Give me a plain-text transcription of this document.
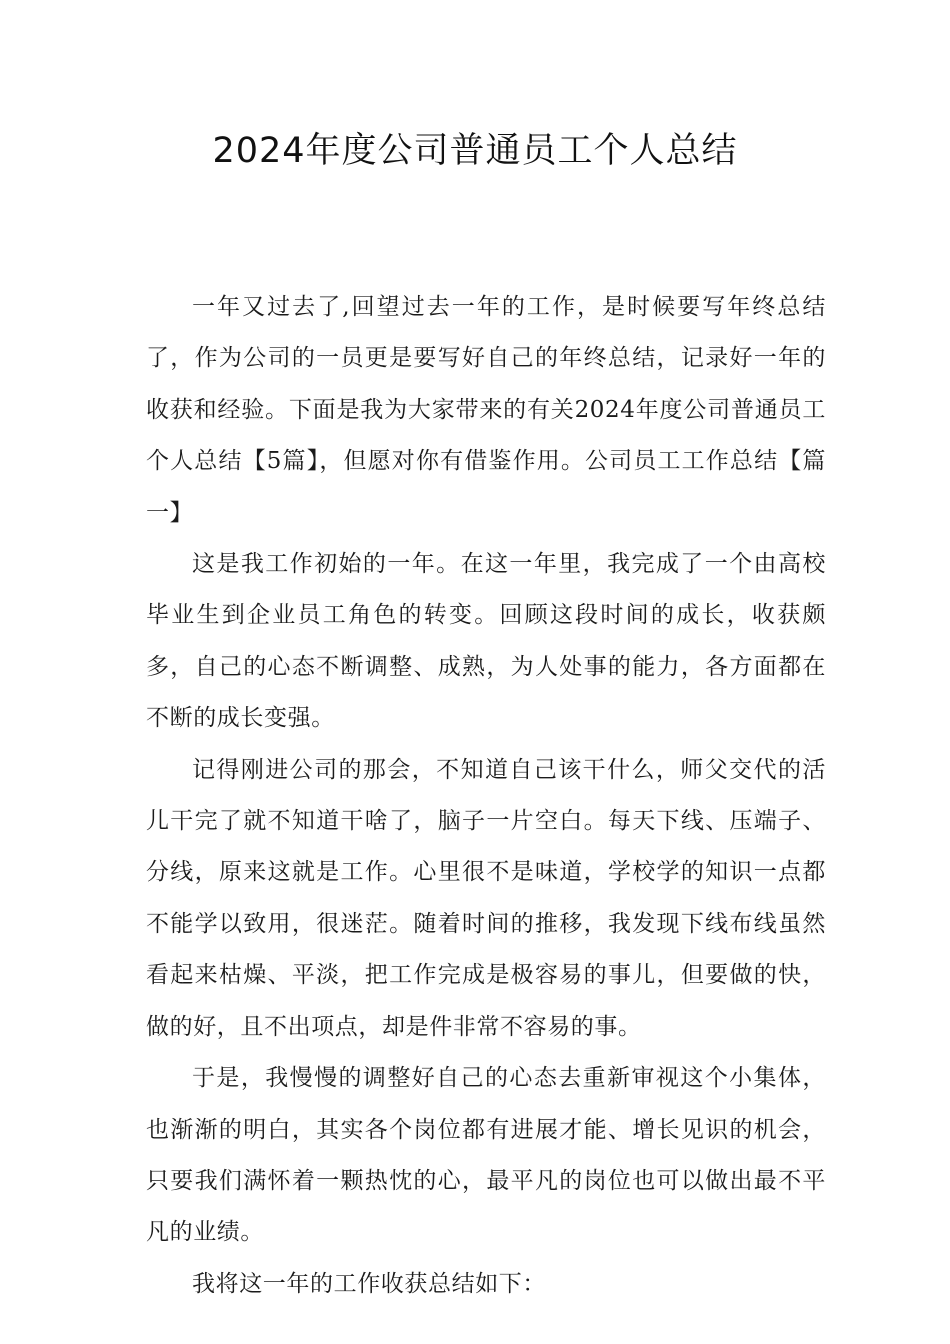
2024年度公司普通员工个人总结

一年又过去了,回望过去一年的工作，是时候要写年终总结了，作为公司的一员更是要写好自己的年终总结，记录好一年的收获和经验。下面是我为大家带来的有关2024年度公司普通员工个人总结【5篇】，但愿对你有借鉴作用。公司员工工作总结【篇一】

这是我工作初始的一年。在这一年里，我完成了一个由高校毕业生到企业员工角色的转变。回顾这段时间的成长，收获颇多，自己的心态不断调整、成熟，为人处事的能力，各方面都在不断的成长变强。

记得刚进公司的那会，不知道自己该干什么，师父交代的活儿干完了就不知道干啥了，脑子一片空白。每天下线、压端子、分线，原来这就是工作。心里很不是味道，学校学的知识一点都不能学以致用，很迷茫。随着时间的推移，我发现下线布线虽然看起来枯燥、平淡，把工作完成是极容易的事儿，但要做的快，做的好，且不出项点，却是件非常不容易的事。

于是，我慢慢的调整好自己的心态去重新审视这个小集体，也渐渐的明白，其实各个岗位都有进展才能、增长见识的机会，只要我们满怀着一颗热忱的心，最平凡的岗位也可以做出最不平凡的业绩。

我将这一年的工作收获总结如下：
